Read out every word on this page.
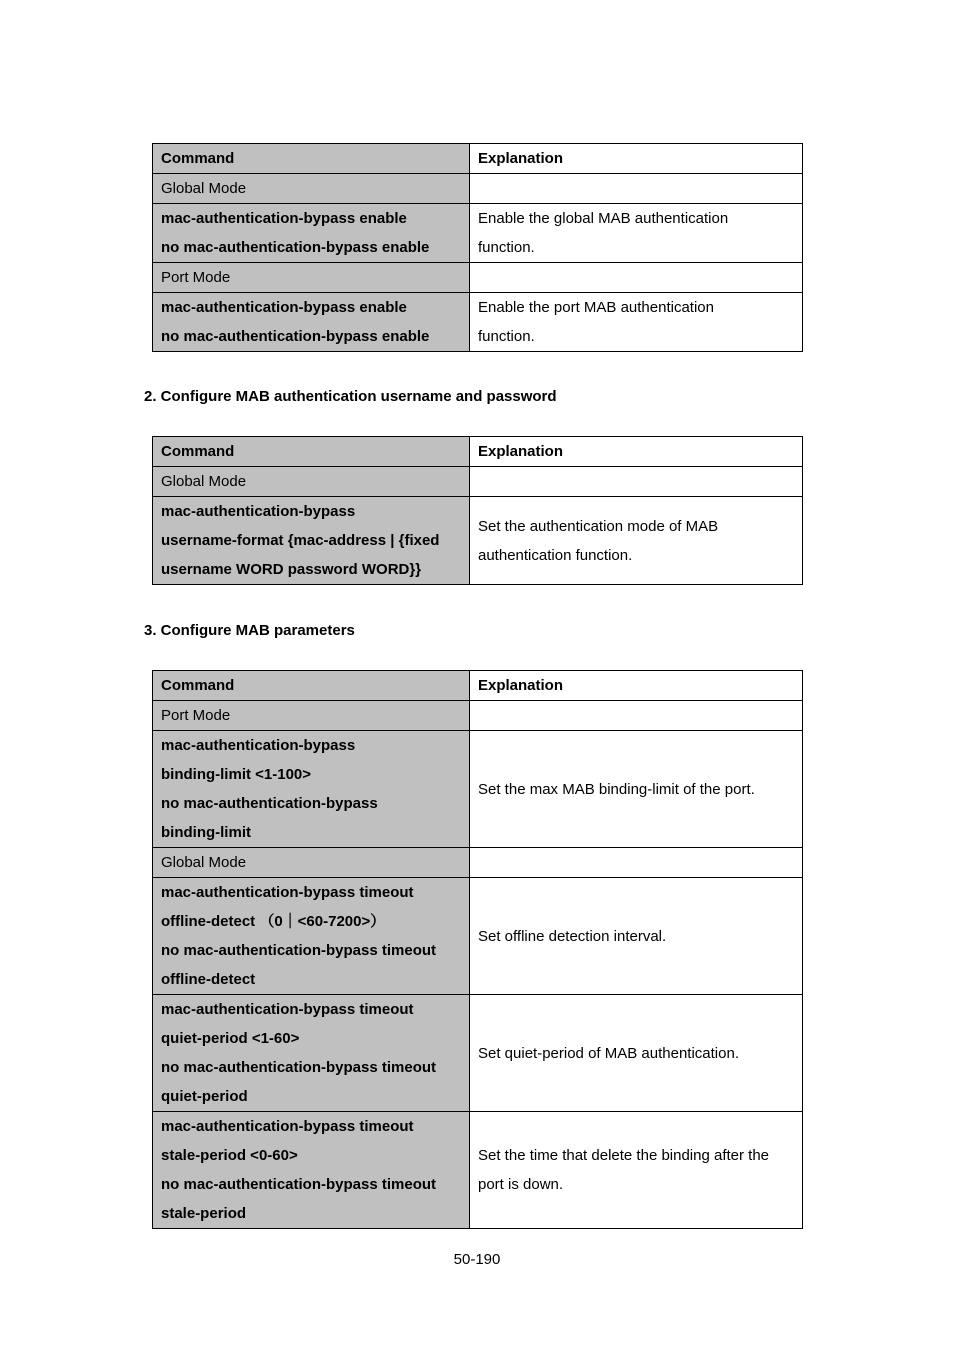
Command	Explanation
Global Mode	

mac-authentication-bypass enable
no mac-authentication-bypass enable	Enable the global MAB authentication
function.

Port Mode	

mac-authentication-bypass enable
no mac-authentication-bypass enable	Enable the port MAB authentication
function.
2. Configure MAB authentication username and password
Command	Explanation
Global Mode	

mac-authentication-bypass
username-format {mac-address | {fixed
username WORD password WORD}}	Set the authentication mode of MAB
authentication function.
3. Configure MAB parameters
Command	Explanation
Port Mode	

mac-authentication-bypass
binding-limit <1-100>
no mac-authentication-bypass
binding-limit	Set the max MAB binding-limit of the port.

Global Mode	

mac-authentication-bypass timeout
offline-detect （0｜<60-7200>）
no mac-authentication-bypass timeout
offline-detect	Set offline detection interval.

mac-authentication-bypass timeout
quiet-period <1-60>
no mac-authentication-bypass timeout
quiet-period	Set quiet-period of MAB authentication.

mac-authentication-bypass timeout
stale-period <0-60>
no mac-authentication-bypass timeout
stale-period	Set the time that delete the binding after the
port is down.
50-190
